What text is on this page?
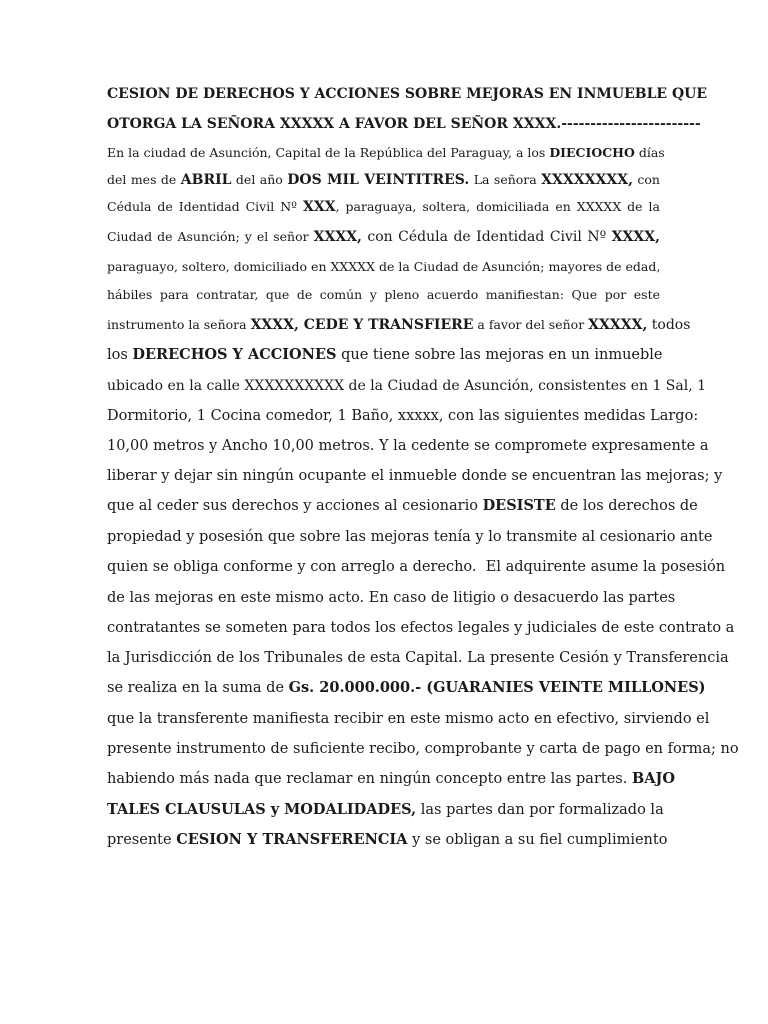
CESION DE DERECHOS Y ACCIONES SOBRE MEJORAS EN INMUEBLE QUE
OTORGA LA SEÑORA XXXXX A FAVOR DEL SEÑOR XXXX.------------------------
En la ciudad de Asunción, Capital de la República del Paraguay, a los DIECIOCHO días
del mes de ABRIL del año DOS MIL VEINTITRES. La señora XXXXXXXX, con
Cédula de Identidad Civil Nº XXX, paraguaya, soltera, domiciliada en XXXXX de la
Ciudad de Asunción; y el señor XXXX, con Cédula de Identidad Civil Nº XXXX,
paraguayo, soltero, domiciliado en XXXXX de la Ciudad de Asunción; mayores de edad,
hábiles para contratar, que de común y pleno acuerdo manifiestan: Que por este
instrumento la señora XXXX, CEDE Y TRANSFIERE a favor del señor XXXXX, todos
los DERECHOS Y ACCIONES que tiene sobre las mejoras en un inmueble
ubicado en la calle XXXXXXXXXX de la Ciudad de Asunción, consistentes en 1 Sal, 1
Dormitorio, 1 Cocina comedor, 1 Baño, xxxxx, con las siguientes medidas Largo:
10,00 metros y Ancho 10,00 metros. Y la cedente se compromete expresamente a
liberar y dejar sin ningún ocupante el inmueble donde se encuentran las mejoras; y
que al ceder sus derechos y acciones al cesionario DESISTE de los derechos de
propiedad y posesión que sobre las mejoras tenía y lo transmite al cesionario ante
quien se obliga conforme y con arreglo a derecho.  El adquirente asume la posesión
de las mejoras en este mismo acto. En caso de litigio o desacuerdo las partes
contratantes se someten para todos los efectos legales y judiciales de este contrato a
la Jurisdicción de los Tribunales de esta Capital. La presente Cesión y Transferencia
se realiza en la suma de Gs. 20.000.000.- (GUARANIES VEINTE MILLONES)
que la transferente manifiesta recibir en este mismo acto en efectivo, sirviendo el
presente instrumento de suficiente recibo, comprobante y carta de pago en forma; no
habiendo más nada que reclamar en ningún concepto entre las partes. BAJO
TALES CLAUSULAS y MODALIDADES, las partes dan por formalizado la
presente CESION Y TRANSFERENCIA y se obligan a su fiel cumplimiento
